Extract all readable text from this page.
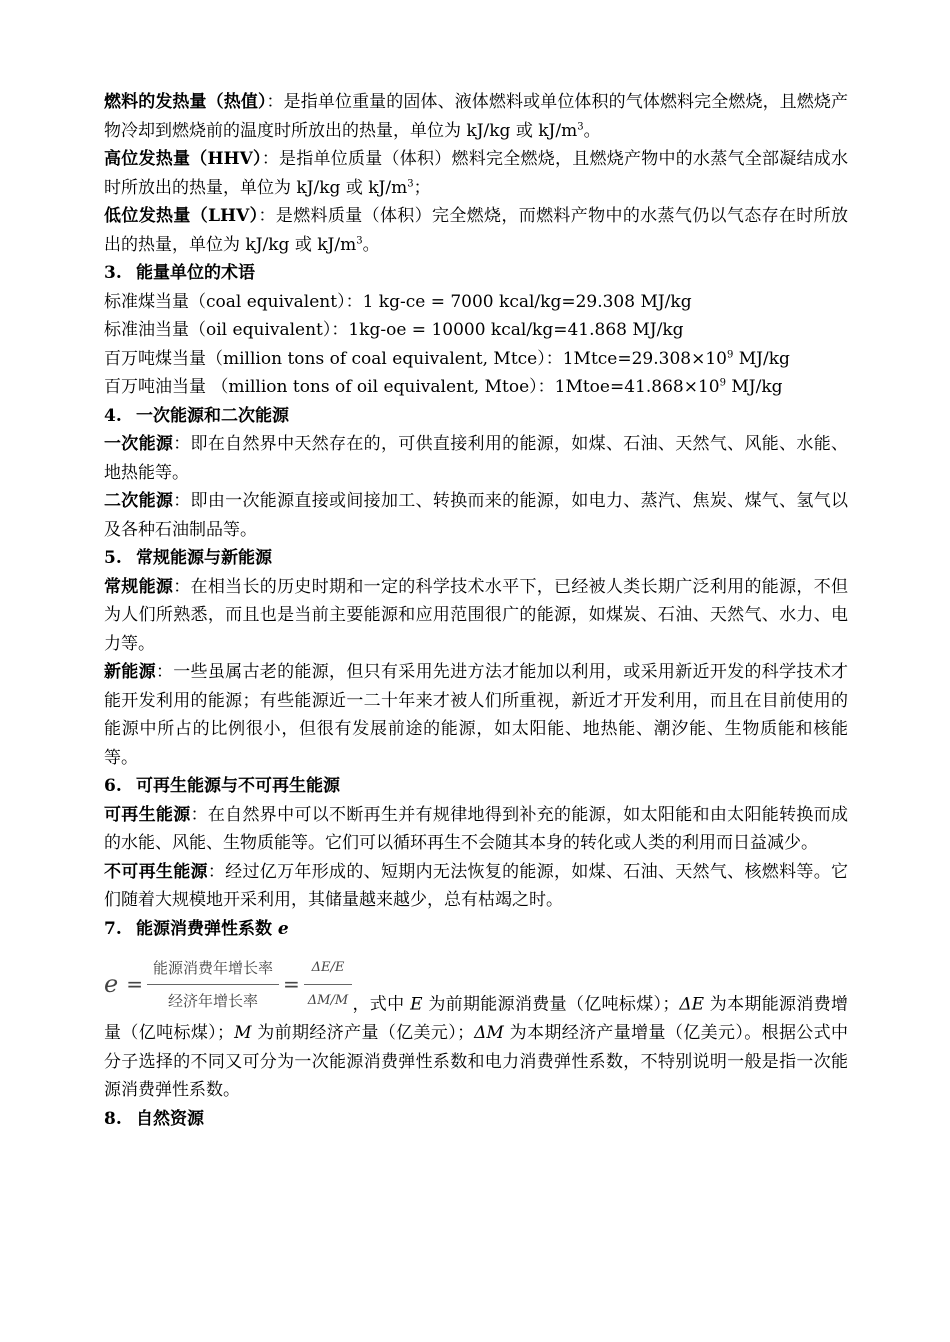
燃料的发热量（热值）：是指单位重量的固体、液体燃料或单位体积的气体燃料完全燃烧，且燃烧产物冷却到燃烧前的温度时所放出的热量，单位为 kJ/kg 或 $kJ/m^3$。

高位发热量（HHV）：是指单位质量（体积）燃料完全燃烧，且燃烧产物中的水蒸气全部凝结成水时所放出的热量，单位为 kJ/kg 或 $kJ/m^3$；

低位发热量（LHV）：是燃料质量（体积）完全燃烧，而燃料产物中的水蒸气仍以气态存在时所放出的热量，单位为 kJ/kg 或 $kJ/m^3$。

3. 能量单位的术语

标准煤当量（coal equivalent）：1 kg-ce = 7000 kcal/kg=29.308 MJ/kg

标准油当量（oil equivalent）：1kg-oe = 10000 kcal/kg=41.868 MJ/kg

百万吨煤当量（million tons of coal equivalent, Mtce）：$1Mtce=29.308\times 10^9$ MJ/kg

百万吨油当量 （million tons of oil equivalent, Mtoe）：$1Mtoe=41.868\times 10^9$ MJ/kg

4. 一次能源和二次能源

一次能源：即在自然界中天然存在的，可供直接利用的能源，如煤、石油、天然气、风能、水能、地热能等。

二次能源：即由一次能源直接或间接加工、转换而来的能源，如电力、蒸汽、焦炭、煤气、氢气以及各种石油制品等。

5. 常规能源与新能源

常规能源：在相当长的历史时期和一定的科学技术水平下，已经被人类长期广泛利用的能源，不但为人们所熟悉，而且也是当前主要能源和应用范围很广的能源，如煤炭、石油、天然气、水力、电力等。

新能源：一些虽属古老的能源，但只有采用先进方法才能加以利用，或采用新近开发的科学技术才能开发利用的能源；有些能源近一二十年来才被人们所重视，新近才开发利用，而且在目前使用的能源中所占的比例很小，但很有发展前途的能源，如太阳能、地热能、潮汐能、生物质能和核能等。

6. 可再生能源与不可再生能源

可再生能源：在自然界中可以不断再生并有规律地得到补充的能源，如太阳能和由太阳能转换而成的水能、风能、生物质能等。它们可以循环再生不会随其本身的转化或人类的利用而日益减少。

不可再生能源：经过亿万年形成的、短期内无法恢复的能源，如煤、石油、天然气、核燃料等。它们随着大规模地开采利用，其储量越来越少，总有枯竭之时。

7. 能源消费弹性系数 e

$e = \frac{\text{能源消费年增长率}}{\text{经济年增长率}} = \frac{\Delta E/E}{\Delta M/M}$ ，式中 E 为前期能源消费量（亿吨标煤）；ΔE 为本期能源消费增量（亿吨标煤）；M 为前期经济产量（亿美元）；ΔM 为本期经济产量增量（亿美元）。根据公式中分子选择的不同又可分为一次能源消费弹性系数和电力消费弹性系数，不特别说明一般是指一次能源消费弹性系数。

8. 自然资源
